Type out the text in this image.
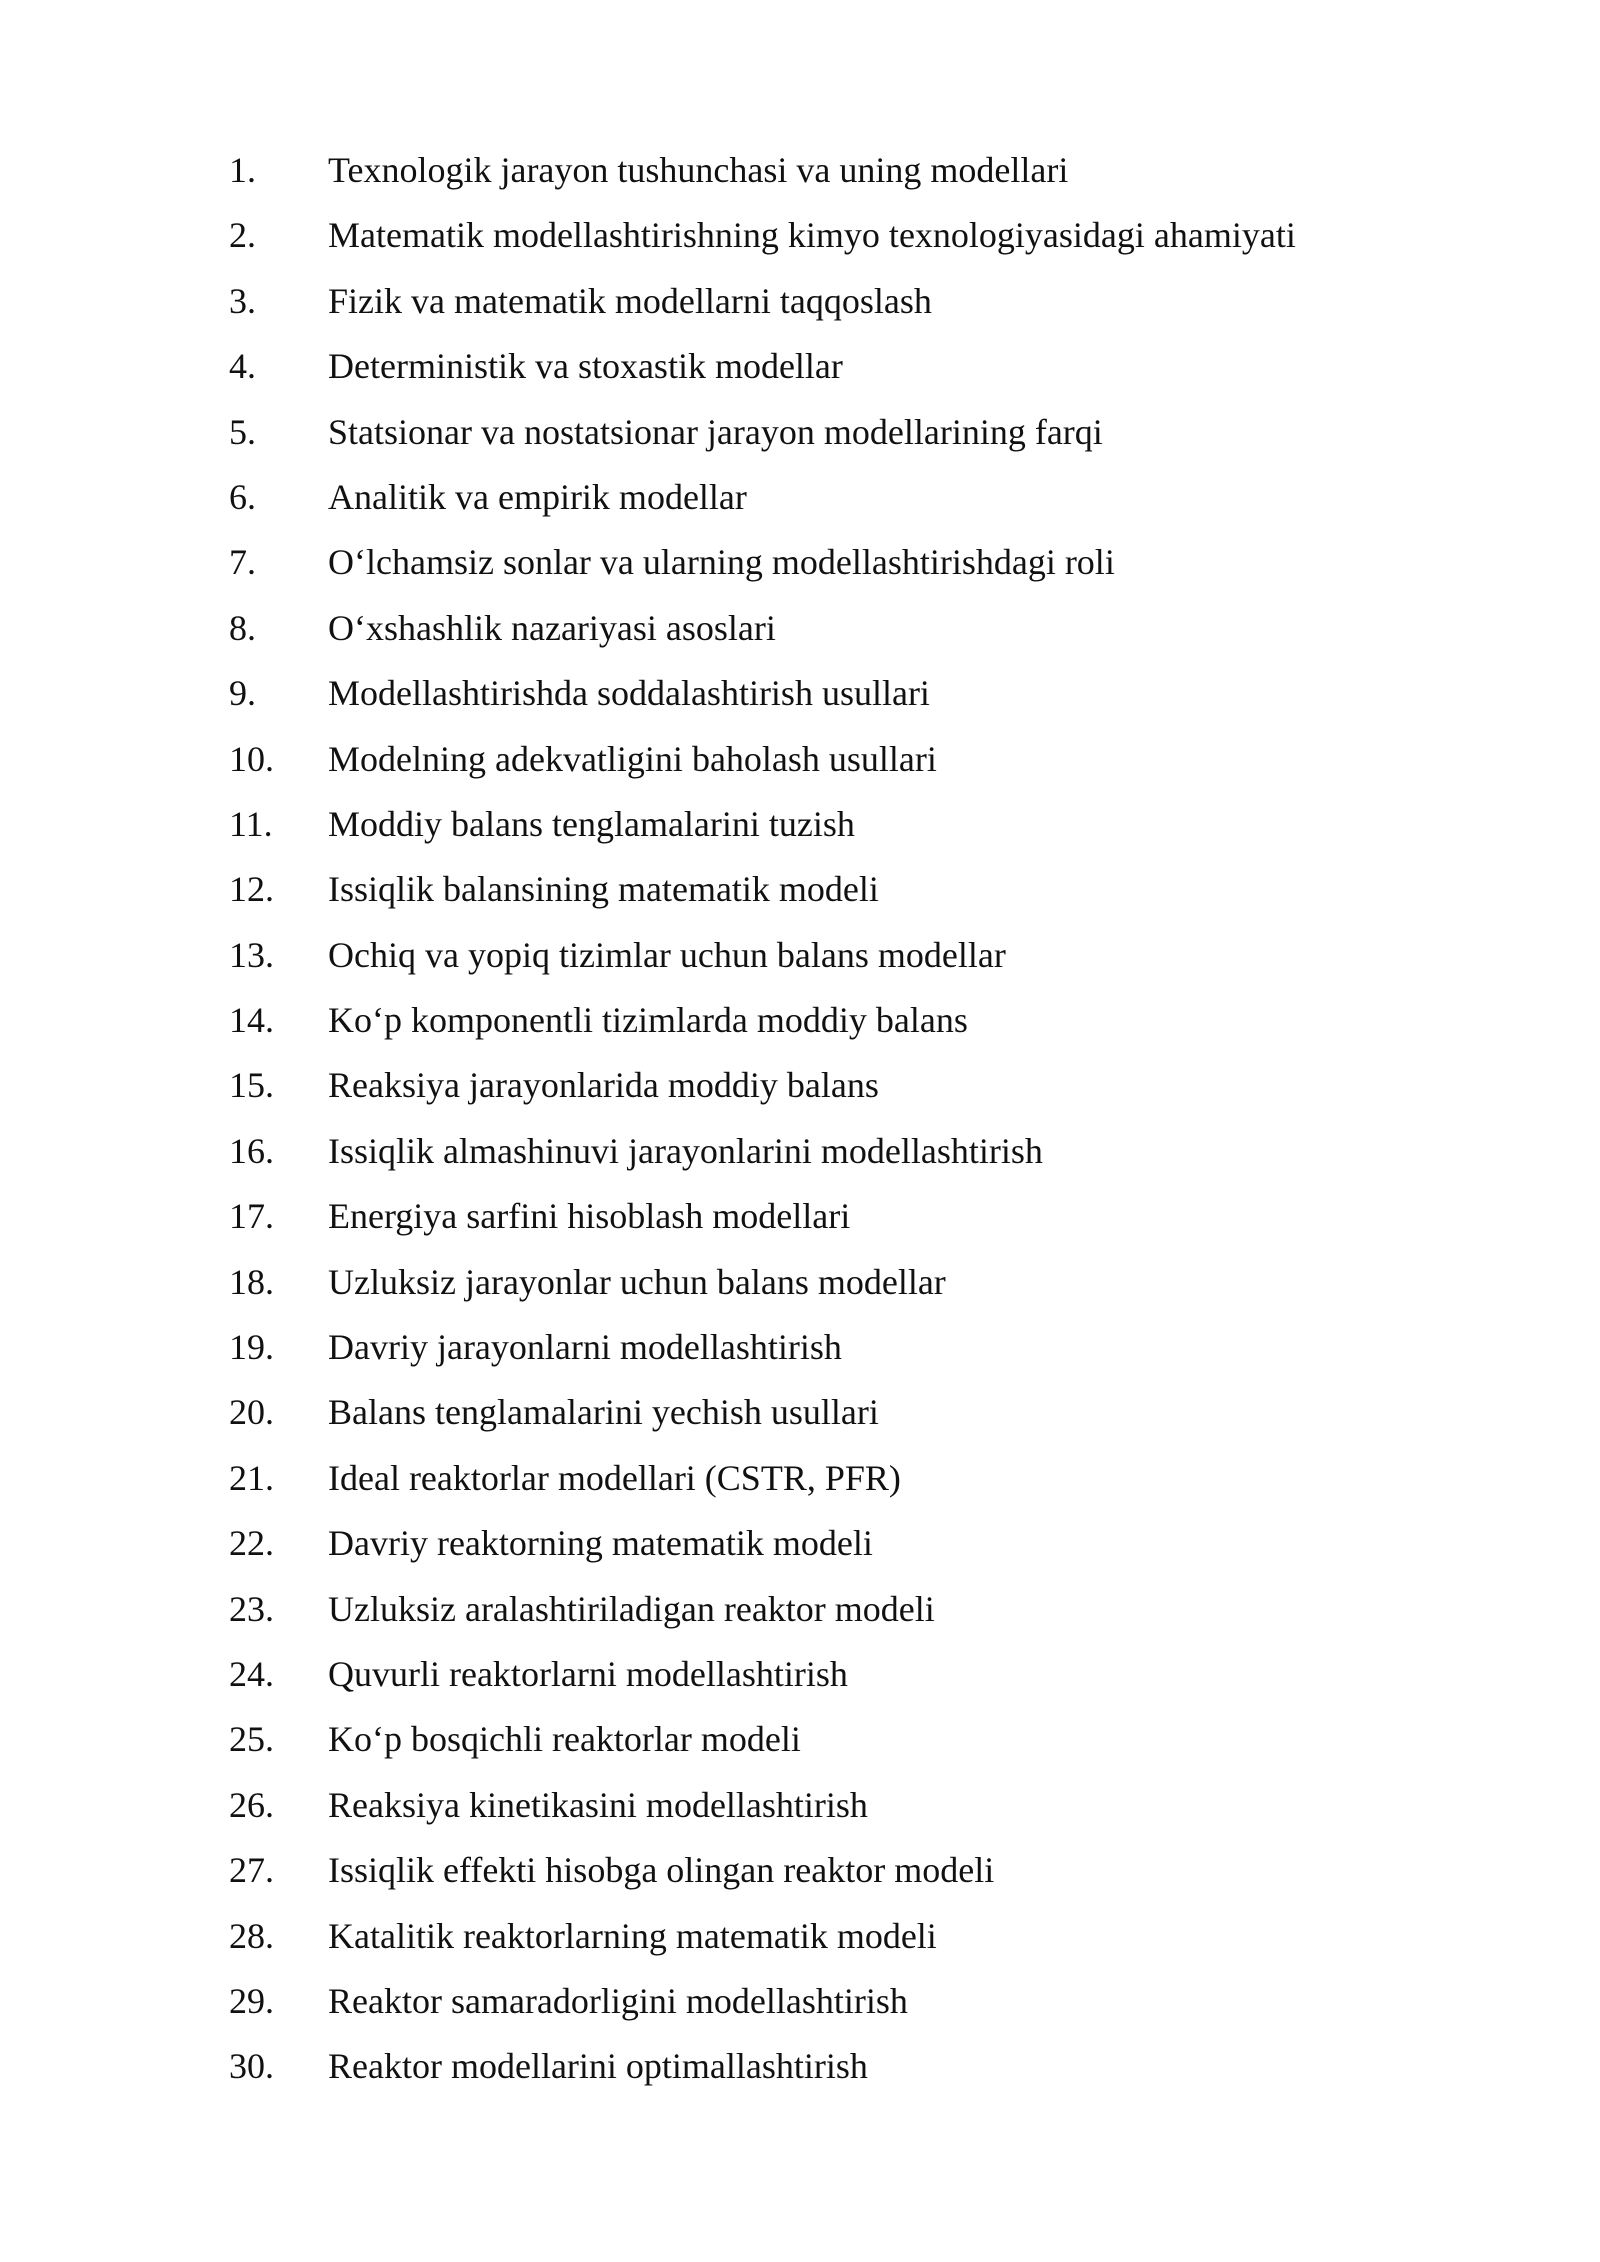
1.	Texnologik jarayon tushunchasi va uning modellari
2.	Matematik modellashtirishning kimyo texnologiyasidagi ahamiyati
3.	Fizik va matematik modellarni taqqoslash
4.	Deterministik va stoxastik modellar
5.	Statsionar va nostatsionar jarayon modellarining farqi
6.	Analitik va empirik modellar
7.	O‘lchamsiz sonlar va ularning modellashtirishdagi roli
8.	O‘xshashlik nazariyasi asoslari
9.	Modellashtirishda soddalashtirish usullari
10.	Modelning adekvatligini baholash usullari
11.	Moddiy balans tenglamalarini tuzish
12.	Issiqlik balansining matematik modeli
13.	Ochiq va yopiq tizimlar uchun balans modellar
14.	Ko‘p komponentli tizimlarda moddiy balans
15.	Reaksiya jarayonlarida moddiy balans
16.	Issiqlik almashinuvi jarayonlarini modellashtirish
17.	Energiya sarfini hisoblash modellari
18.	Uzluksiz jarayonlar uchun balans modellar
19.	Davriy jarayonlarni modellashtirish
20.	Balans tenglamalarini yechish usullari
21.	Ideal reaktorlar modellari (CSTR, PFR)
22.	Davriy reaktorning matematik modeli
23.	Uzluksiz aralashtiriladigan reaktor modeli
24.	Quvurli reaktorlarni modellashtirish
25.	Ko‘p bosqichli reaktorlar modeli
26.	Reaksiya kinetikasini modellashtirish
27.	Issiqlik effekti hisobga olingan reaktor modeli
28.	Katalitik reaktorlarning matematik modeli
29.	Reaktor samaradorligini modellashtirish
30.	Reaktor modellarini optimallashtirish
